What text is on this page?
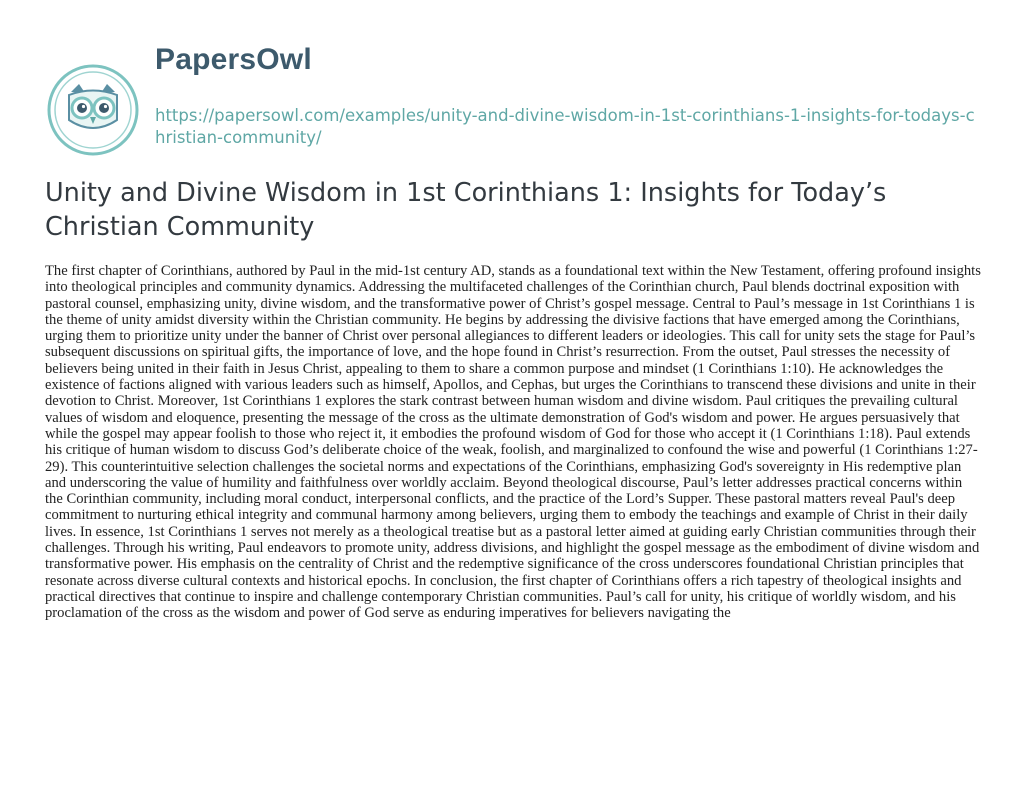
PapersOwl
https://papersowl.com/examples/unity-and-divine-wisdom-in-1st-corinthians-1-insights-for-todays-christian-community/
Unity and Divine Wisdom in 1st Corinthians 1: Insights for Today’s Christian Community

The first chapter of Corinthians, authored by Paul in the mid-1st century AD, stands as a foundational text within the New Testament, offering profound insights into theological principles and community dynamics. Addressing the multifaceted challenges of the Corinthian church, Paul blends doctrinal exposition with pastoral counsel, emphasizing unity, divine wisdom, and the transformative power of Christ’s gospel message. Central to Paul’s message in 1st Corinthians 1 is the theme of unity amidst diversity within the Christian community. He begins by addressing the divisive factions that have emerged among the Corinthians, urging them to prioritize unity under the banner of Christ over personal allegiances to different leaders or ideologies. This call for unity sets the stage for Paul’s subsequent discussions on spiritual gifts, the importance of love, and the hope found in Christ’s resurrection. From the outset, Paul stresses the necessity of believers being united in their faith in Jesus Christ, appealing to them to share a common purpose and mindset (1 Corinthians 1:10). He acknowledges the existence of factions aligned with various leaders such as himself, Apollos, and Cephas, but urges the Corinthians to transcend these divisions and unite in their devotion to Christ. Moreover, 1st Corinthians 1 explores the stark contrast between human wisdom and divine wisdom. Paul critiques the prevailing cultural values of wisdom and eloquence, presenting the message of the cross as the ultimate demonstration of God's wisdom and power. He argues persuasively that while the gospel may appear foolish to those who reject it, it embodies the profound wisdom of God for those who accept it (1 Corinthians 1:18). Paul extends his critique of human wisdom to discuss God’s deliberate choice of the weak, foolish, and marginalized to confound the wise and powerful (1 Corinthians 1:27-29). This counterintuitive selection challenges the societal norms and expectations of the Corinthians, emphasizing God's sovereignty in His redemptive plan and underscoring the value of humility and faithfulness over worldly acclaim. Beyond theological discourse, Paul’s letter addresses practical concerns within the Corinthian community, including moral conduct, interpersonal conflicts, and the practice of the Lord’s Supper. These pastoral matters reveal Paul's deep commitment to nurturing ethical integrity and communal harmony among believers, urging them to embody the teachings and example of Christ in their daily lives. In essence, 1st Corinthians 1 serves not merely as a theological treatise but as a pastoral letter aimed at guiding early Christian communities through their challenges. Through his writing, Paul endeavors to promote unity, address divisions, and highlight the gospel message as the embodiment of divine wisdom and transformative power. His emphasis on the centrality of Christ and the redemptive significance of the cross underscores foundational Christian principles that resonate across diverse cultural contexts and historical epochs. In conclusion, the first chapter of Corinthians offers a rich tapestry of theological insights and practical directives that continue to inspire and challenge contemporary Christian communities. Paul’s call for unity, his critique of worldly wisdom, and his proclamation of the cross as the wisdom and power of God serve as enduring imperatives for believers navigating the
